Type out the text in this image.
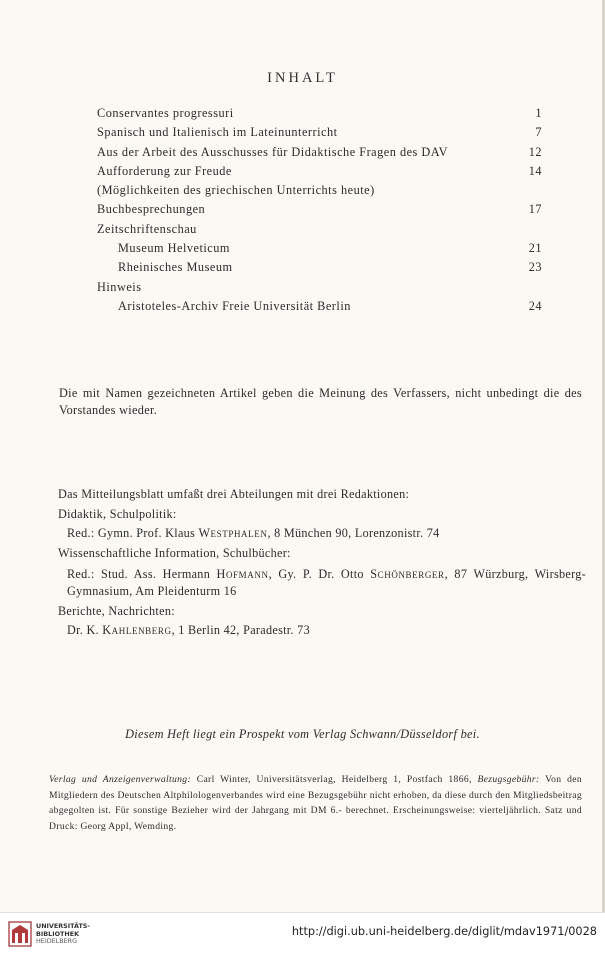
INHALT
Conservantes progressuri	1
Spanisch und Italienisch im Lateinunterricht	7
Aus der Arbeit des Ausschusses für Didaktische Fragen des DAV	12
Aufforderung zur Freude	14
(Möglichkeiten des griechischen Unterrichts heute)
Buchbesprechungen	17
Zeitschriftenschau
Museum Helveticum	21
Rheinisches Museum	23
Hinweis
Aristoteles-Archiv Freie Universität Berlin	24
Die mit Namen gezeichneten Artikel geben die Meinung des Verfassers, nicht unbedingt die des Vorstandes wieder.
Das Mitteilungsblatt umfaßt drei Abteilungen mit drei Redaktionen:
Didaktik, Schulpolitik:
Red.: Gymn. Prof. Klaus Westphalen, 8 München 90, Lorenzonistr. 74
Wissenschaftliche Information, Schulbücher:
Red.: Stud. Ass. Hermann Hofmann, Gy. P. Dr. Otto Schönberger, 87 Würzburg, Wirsberg-Gymnasium, Am Pleidenturm 16
Berichte, Nachrichten:
Dr. K. Kahlenberg, 1 Berlin 42, Paradestr. 73
Diesem Heft liegt ein Prospekt vom Verlag Schwann/Düsseldorf bei.
Verlag und Anzeigenverwaltung: Carl Winter, Universitätsverlag, Heidelberg 1, Postfach 1866, Bezugsgebühr: Von den Mitgliedern des Deutschen Altphilologenverbandes wird eine Bezugsgebühr nicht erhoben, da diese durch den Mitgliedsbeitrag abgegolten ist. Für sonstige Bezieher wird der Jahrgang mit DM 6.- berechnet. Erscheinungsweise: vierteljährlich. Satz und Druck: Georg Appl, Wemding.
UNIVERSITÄTS-
BIBLIOTHEK
HEIDELBERG
http://digi.ub.uni-heidelberg.de/diglit/mdav1971/0028
